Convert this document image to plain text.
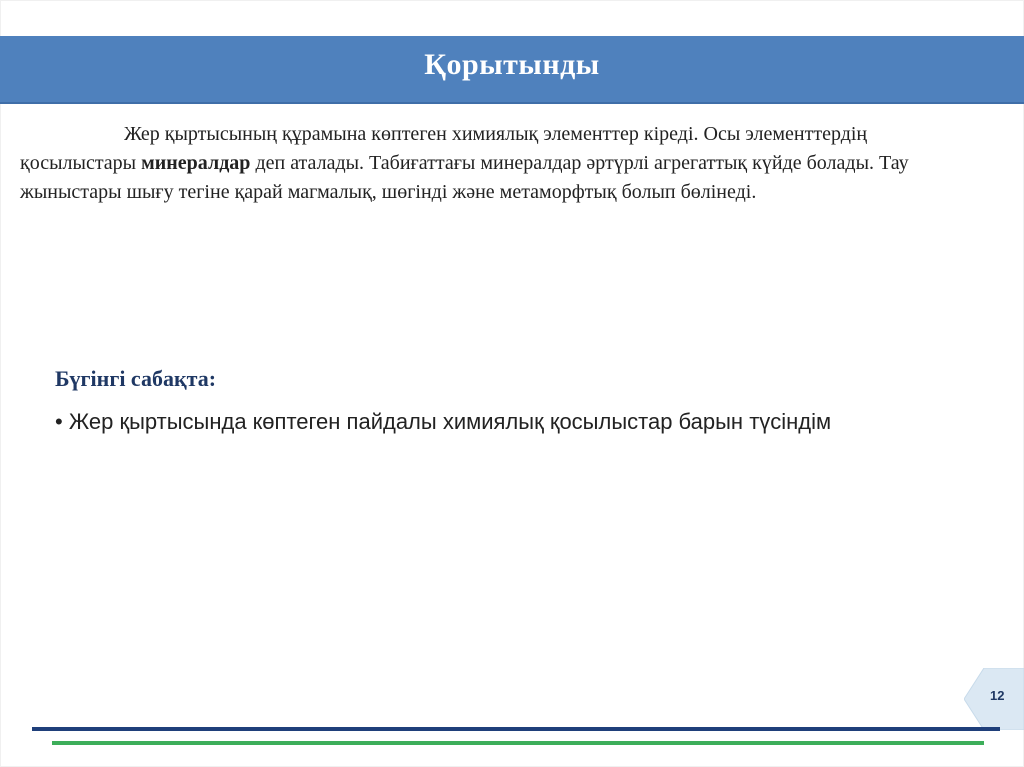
Қорытынды
Жер қыртысының құрамына көптеген химиялық элементтер кіреді. Осы элементтердің қосылыстары минералдар деп аталады. Табиғаттағы минералдар әртүрлі агрегаттық күйде болады. Тау жыныстары шығу тегіне қарай магмалық, шөгінді және метаморфтық болып бөлінеді.
Бүгінгі сабақта:
• Жер қыртысында көптеген пайдалы химиялық қосылыстар барын түсіндім
12
